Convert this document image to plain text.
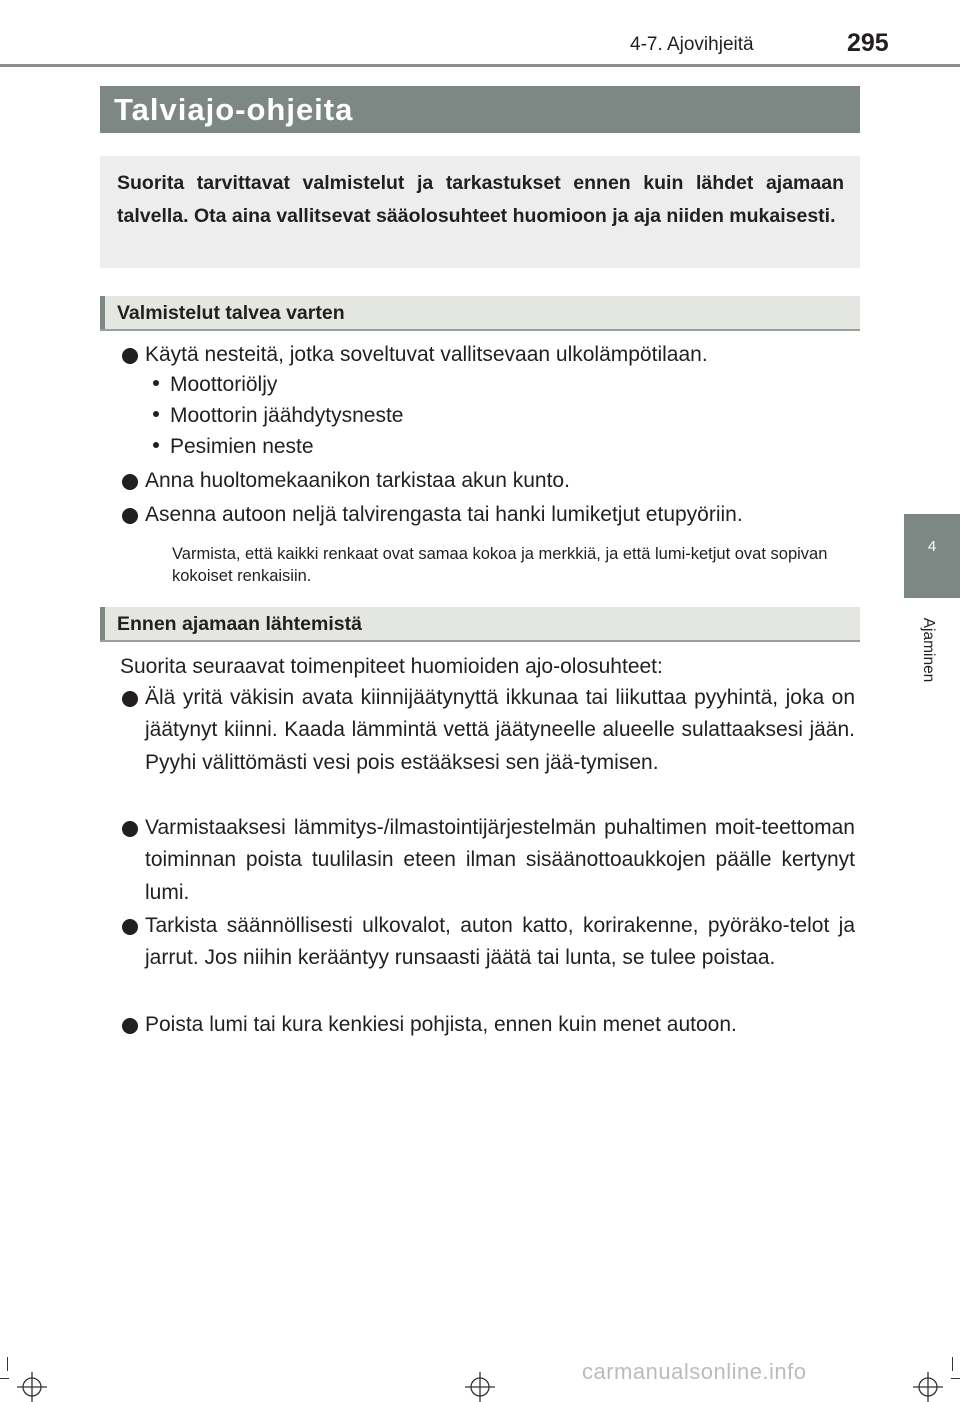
4-7. Ajovihjeitä	295
Talviajo-ohjeita
Suorita tarvittavat valmistelut ja tarkastukset ennen kuin lähdet ajamaan talvella. Ota aina vallitsevat sääolosuhteet huomioon ja aja niiden mukaisesti.
Valmistelut talvea varten
Käytä nesteitä, jotka soveltuvat vallitsevaan ulkolämpötilaan.
Moottoriöljy
Moottorin jäähdytysneste
Pesimien neste
Anna huoltomekaanikon tarkistaa akun kunto.
Asenna autoon neljä talvirengasta tai hanki lumiketjut etupyöriin.
Varmista, että kaikki renkaat ovat samaa kokoa ja merkkiä, ja että lumi-ketjut ovat sopivan kokoiset renkaisiin.
Ennen ajamaan lähtemistä
Suorita seuraavat toimenpiteet huomioiden ajo-olosuhteet:
Älä yritä väkisin avata kiinnijäätynyttä ikkunaa tai liikuttaa pyyhintä, joka on jäätynyt kiinni. Kaada lämmintä vettä jäätyneelle alueelle sulattaaksesi jään. Pyyhi välittömästi vesi pois estääksesi sen jää-tymisen.
Varmistaaksesi lämmitys-/ilmastointijärjestelmän puhaltimen moit-teettoman toiminnan poista tuulilasin eteen ilman sisäänottoaukkojen päälle kertynyt lumi.
Tarkista säännöllisesti ulkovalot, auton katto, korirakenne, pyöräko-telot ja jarrut. Jos niihin kerääntyy runsaasti jäätä tai lunta, se tulee poistaa.
Poista lumi tai kura kenkiesi pohjista, ennen kuin menet autoon.
4
Ajaminen
carmanualsonline.info
